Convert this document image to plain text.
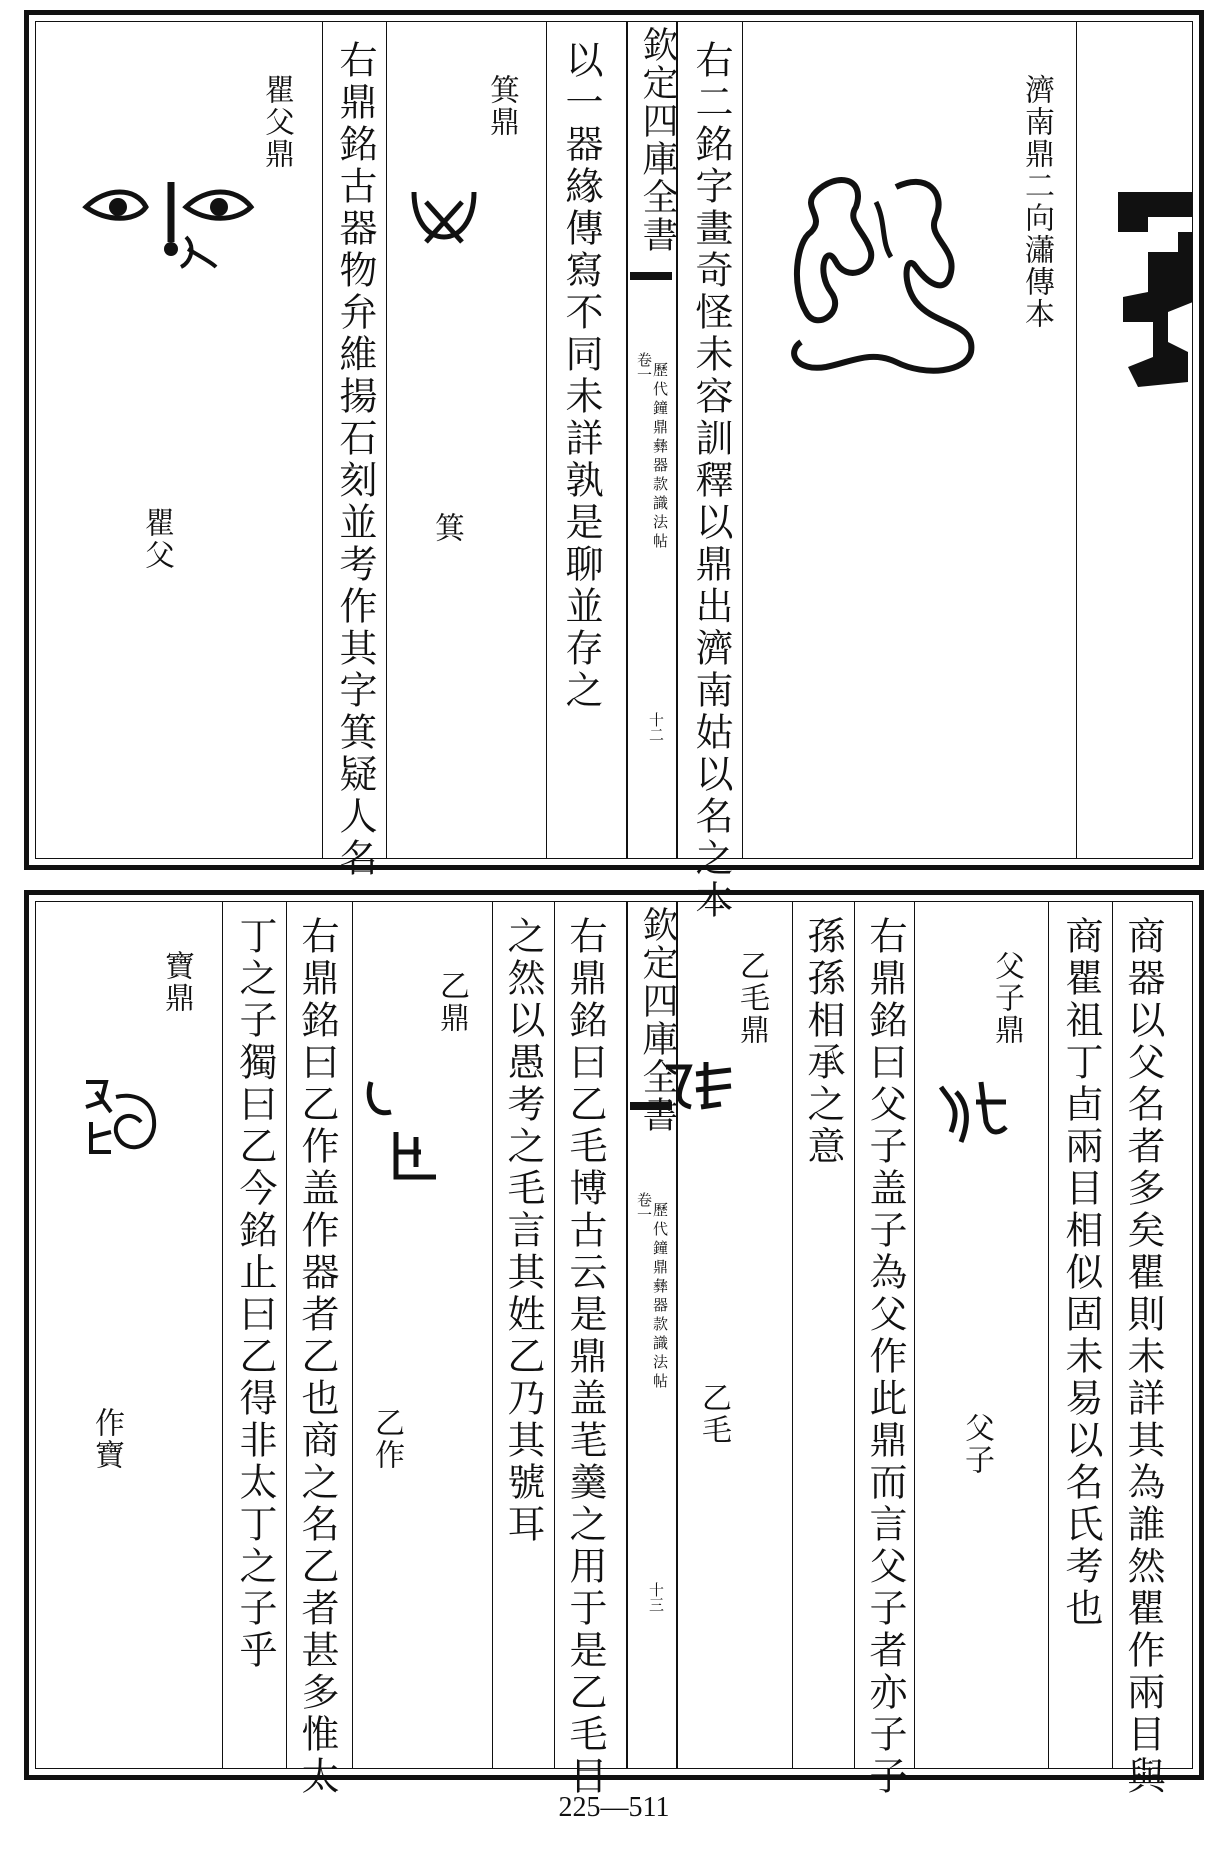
濟南鼎二向瀟傳本
右二銘字畫奇怪未容訓釋以鼎出濟南姑以名之本
欽定四庫全書
卷一
歷代鐘鼎彝器款識法帖
十二
以一器緣傳寫不同未詳孰是聊並存之
箕鼎
箕
右鼎銘古器物弁維揚石刻並考作其字箕疑人名
瞿父鼎
瞿父
商器以父名者多矣瞿則未詳其為誰然瞿作兩目與
商瞿祖丁卣兩目相似固未易以名氏考也
父子鼎
父子
右鼎銘曰父子盖子為父作此鼎而言父子者亦子子
孫孫相承之意
乙毛鼎
乙毛
欽定四庫全書
卷一
歷代鐘鼎彝器款識法帖
十三
右鼎銘曰乙毛博古云是鼎盖芼羹之用于是乙毛目
之然以愚考之毛言其姓乙乃其號耳
乙鼎
乙作
右鼎銘曰乙作盖作器者乙也商之名乙者甚多惟太
丁之子獨曰乙今銘止曰乙得非太丁之子乎
寶鼎
作寶
225—511
